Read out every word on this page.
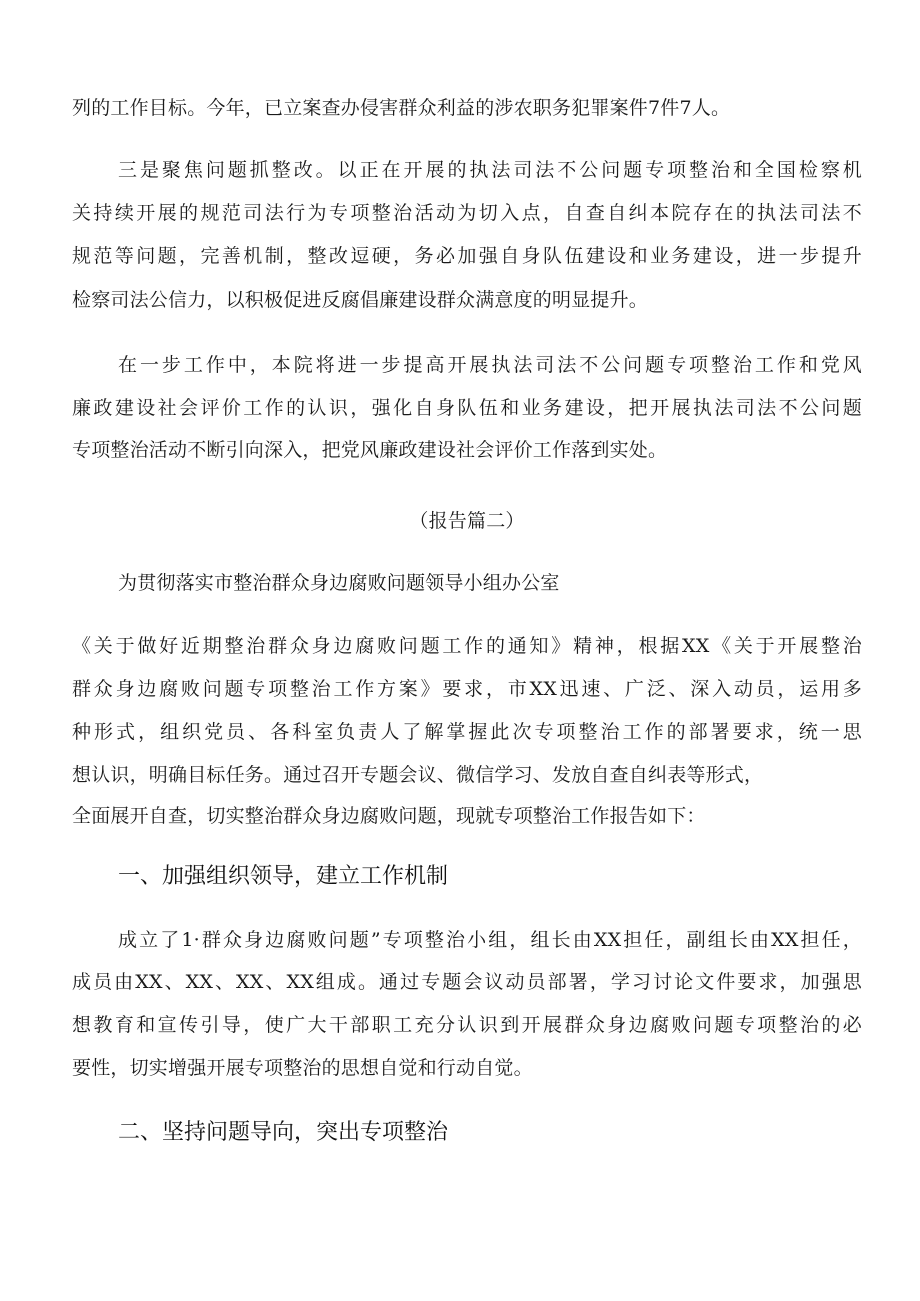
列的工作目标。今年，已立案查办侵害群众利益的涉农职务犯罪案件7件7人。
三是聚焦问题抓整改。以正在开展的执法司法不公问题专项整治和全国检察机
关持续开展的规范司法行为专项整治活动为切入点，自查自纠本院存在的执法司法不
规范等问题，完善机制，整改逗硬，务必加强自身队伍建设和业务建设，进一步提升
检察司法公信力，以积极促进反腐倡廉建设群众满意度的明显提升。
在一步工作中，本院将进一步提高开展执法司法不公问题专项整治工作和党风
廉政建设社会评价工作的认识，强化自身队伍和业务建设，把开展执法司法不公问题
专项整治活动不断引向深入，把党风廉政建设社会评价工作落到实处。
（报告篇二）
为贯彻落实市整治群众身边腐败问题领导小组办公室
《关于做好近期整治群众身边腐败问题工作的通知》精神，根据XX《关于开展整治
群众身边腐败问题专项整治工作方案》要求，市XX迅速、广泛、深入动员，运用多
种形式，组织党员、各科室负责人了解掌握此次专项整治工作的部署要求，统一思
想认识，明确目标任务。通过召开专题会议、微信学习、发放自查自纠表等形式，
全面展开自查，切实整治群众身边腐败问题，现就专项整治工作报告如下：
一、加强组织领导，建立工作机制
成立了1·群众身边腐败问题”专项整治小组，组长由XX担任，副组长由XX担任，
成员由XX、XX、XX、XX组成。通过专题会议动员部署，学习讨论文件要求，加强思
想教育和宣传引导，使广大干部职工充分认识到开展群众身边腐败问题专项整治的必
要性，切实增强开展专项整治的思想自觉和行动自觉。
二、坚持问题导向，突出专项整治
